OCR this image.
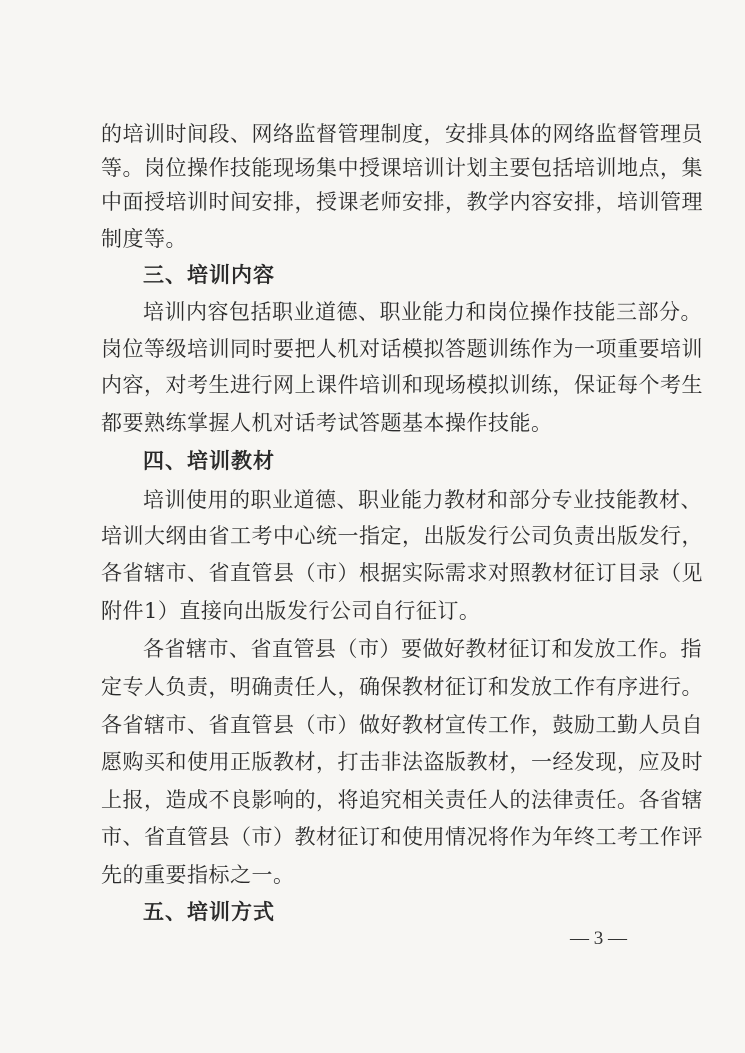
的培训时间段、网络监督管理制度，安排具体的网络监督管理员
等。岗位操作技能现场集中授课培训计划主要包括培训地点，集
中面授培训时间安排，授课老师安排，教学内容安排，培训管理
制度等。
三、培训内容
培训内容包括职业道德、职业能力和岗位操作技能三部分。
岗位等级培训同时要把人机对话模拟答题训练作为一项重要培训
内容，对考生进行网上课件培训和现场模拟训练，保证每个考生
都要熟练掌握人机对话考试答题基本操作技能。
四、培训教材
培训使用的职业道德、职业能力教材和部分专业技能教材、
培训大纲由省工考中心统一指定，出版发行公司负责出版发行，
各省辖市、省直管县（市）根据实际需求对照教材征订目录（见
附件1）直接向出版发行公司自行征订。
各省辖市、省直管县（市）要做好教材征订和发放工作。指
定专人负责，明确责任人，确保教材征订和发放工作有序进行。
各省辖市、省直管县（市）做好教材宣传工作，鼓励工勤人员自
愿购买和使用正版教材，打击非法盗版教材，一经发现，应及时
上报，造成不良影响的，将追究相关责任人的法律责任。各省辖
市、省直管县（市）教材征订和使用情况将作为年终工考工作评
先的重要指标之一。
五、培训方式
— 3 —
